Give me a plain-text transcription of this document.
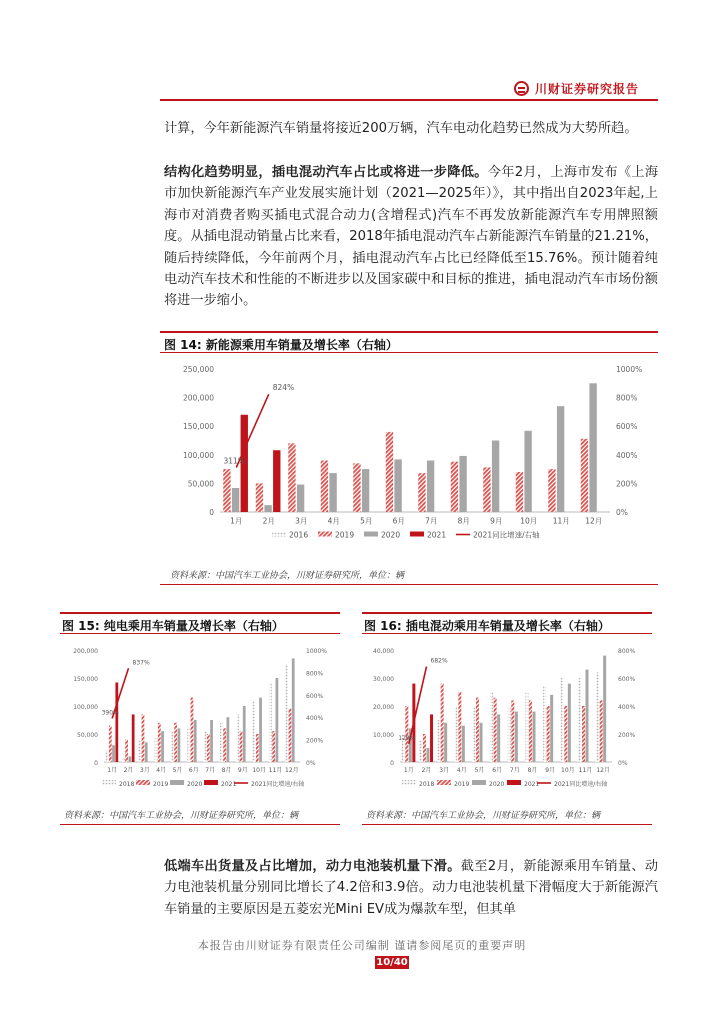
川财证券研究报告
计算，今年新能源汽车销量将接近200万辆，汽车电动化趋势已然成为大势所趋。
结构化趋势明显，插电混动汽车占比或将进一步降低。今年2月，上海市发布《上海市加快新能源汽车产业发展实施计划（2021—2025年）》，其中指出自2023年起,上海市对消费者购买插电式混合动力(含增程式)汽车不再发放新能源汽车专用牌照额度。从插电混动销量占比来看，2018年插电混动汽车占新能源汽车销量的21.21%，随后持续降低，今年前两个月，插电混动汽车占比已经降低至15.76%。预计随着纯电动汽车技术和性能的不断进步以及国家碳中和目标的推进，插电混动汽车市场份额将进一步缩小。
图 14: 新能源乘用车销量及增长率（右轴）
0
50,000
100,000
150,000
200,000
250,000
0%
200%
400%
600%
800%
1000%
1月	2月	3月	4月	5月	6月	7月	8月	9月 10月 11月 12月
311%
824%
2016	2019	2020	2021	2021同比增速/右轴
资料来源：中国汽车工业协会，川财证券研究所，单位：辆
图 15: 纯电乘用车销量及增长率（右轴）
0
50,000
100,000
150,000
200,000
0%
200%
400%
600%
800%
1000%
1月 2月 3月 4月 5月 6月 7月 8月 9月 10月 11月 12月
390%
837%
2018	2019	2020	2021 2021同比增速/右轴
资料来源：中国汽车工业协会，川财证券研究所，单位：辆
图 16: 插电混动乘用车销量及增长率（右轴）
0
10,000
20,000
30,000
40,000
0%
200%
400%
600%
800%
1月 2月 3月 4月 5月 6月 7月 8月 9月 10月 11月 12月
129%
682%
2018	2019	2020	2021 2021同比增速/右轴
资料来源：中国汽车工业协会，川财证券研究所，单位：辆
低端车出货量及占比增加，动力电池装机量下滑。截至2月，新能源乘用车销量、动力电池装机量分别同比增长了4.2倍和3.9倍。动力电池装机量下滑幅度大于新能源汽车销量的主要原因是五菱宏光Mini EV成为爆款车型，但其单
本报告由川财证券有限责任公司编制 谨请参阅尾页的重要声明
10/40
